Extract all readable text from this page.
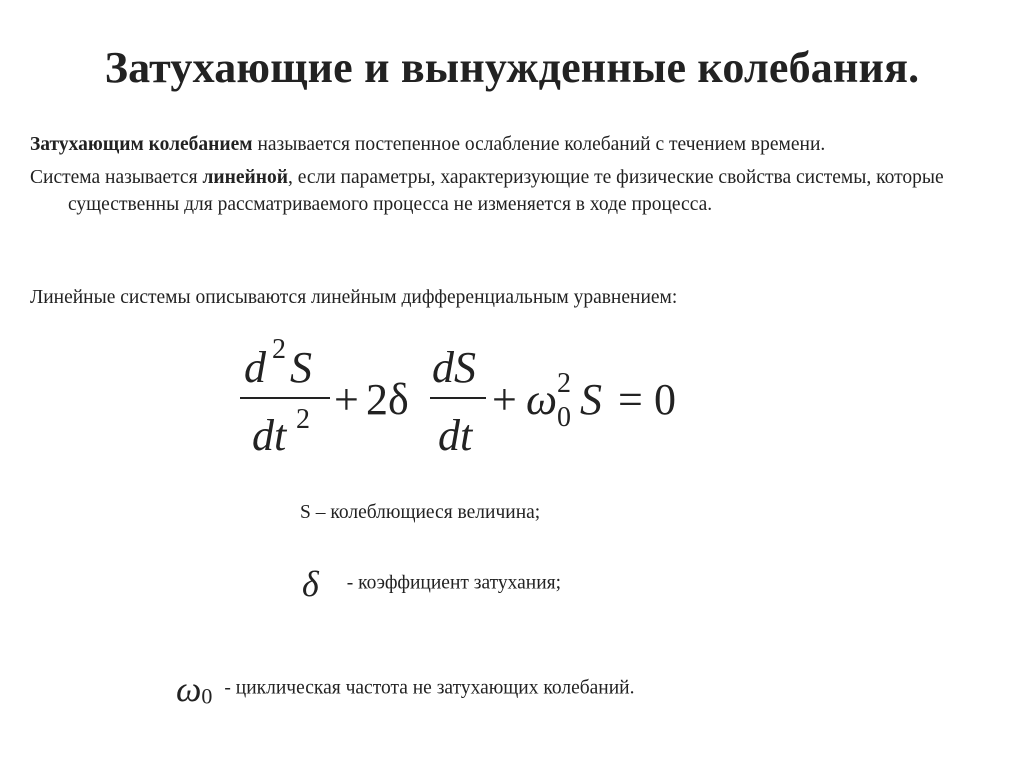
Затухающие и вынужденные колебания.
Затухающим колебанием называется постепенное ослабление колебаний с течением времени.
Система называется линейной, если параметры, характеризующие те физические свойства системы, которые существенны для рассматриваемого процесса не изменяется в ходе процесса.
Линейные системы описываются линейным дифференциальным уравнением:
d 2 S
dt 2 + 2δ
dS
dt
+ ω 2
0 S = 0
S – колеблющиеся величина;
δ - коэффициент затухания;
ω0 - циклическая частота не затухающих колебаний.
